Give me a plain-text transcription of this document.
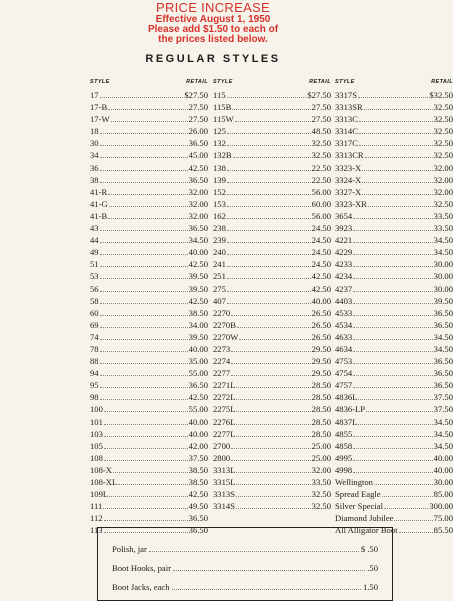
PRICE INCREASE
Effective August 1, 1950
Please add $1.50 to each of
the prices listed below.
REGULAR STYLES
STYLE	RETAIL
17	$27.50
17-B	27.50
17-W	27.50
18	26.00
30	36.50
34	45.00
36	42.50
38	36.50
41-R	32.00
41-G	32.00
41-B	32.00
43	36.50
44	34.50
49	40.00
51	42.50
53	39.50
56	39.50
58	42.50
60	38.50
69	34.00
74	39.50
78	40.00
88	35.00
94	55.00
95	36.50
98	42.50
100	55.00
101	40.00
103	40.00
105	42.00
108	37.50
108-X	38.50
108-XL	38.50
109L	42.50
111	49.50
112	36.50
113	36.50
STYLE	RETAIL
115	$27.50
115B	27.50
115W	27.50
125	48.50
132	32.50
132B	32.50
138	22.50
139	22.50
152	56.00
153	60.00
162	56.00
238	24.50
239	24.50
240	24.50
241	24.50
251	42.50
275	42.50
407	40.00
2270	26.50
2270B	26.50
2270W	26.50
2273	29.50
2274	29.50
2277	29.50
2271L	28.50
2272L	28.50
2275L	28.50
2276L	28.50
2277L	28.50
2700	25.00
2800	25.00
3313L	32.00
3315L	33.50
3313S	32.50
3314S	32.50
STYLE	RETAIL
3317S	$32.50
3313SR	32.50
3313C	32.50
3314C	32.50
3317C	32.50
3313CR	32.50
3323-X	32.00
3324-X	32.00
3327-X	32.00
3323-XR	32.50
3654	33.50
3923	33.50
4221	34.50
4229	34.50
4233	30.00
4234	30.00
4237	30.00
4403	39.50
4533	36.50
4534	36.50
4633	34.50
4634	34.50
4753	36.50
4754	36.50
4757	36.50
4836L	37.50
4836-LP	37.50
4837L	34.50
4855	34.50
4858	34.50
4995	40.00
4998	40.00
Wellington	30.00
Spread Eagle	85.00
Silver Special	300.00
Diamond Jubilee	75.00
All Alligator Boot	85.50
Polish, jar	$ .50
Boot Hooks, pair	.50
Boot Jacks, each	1.50
